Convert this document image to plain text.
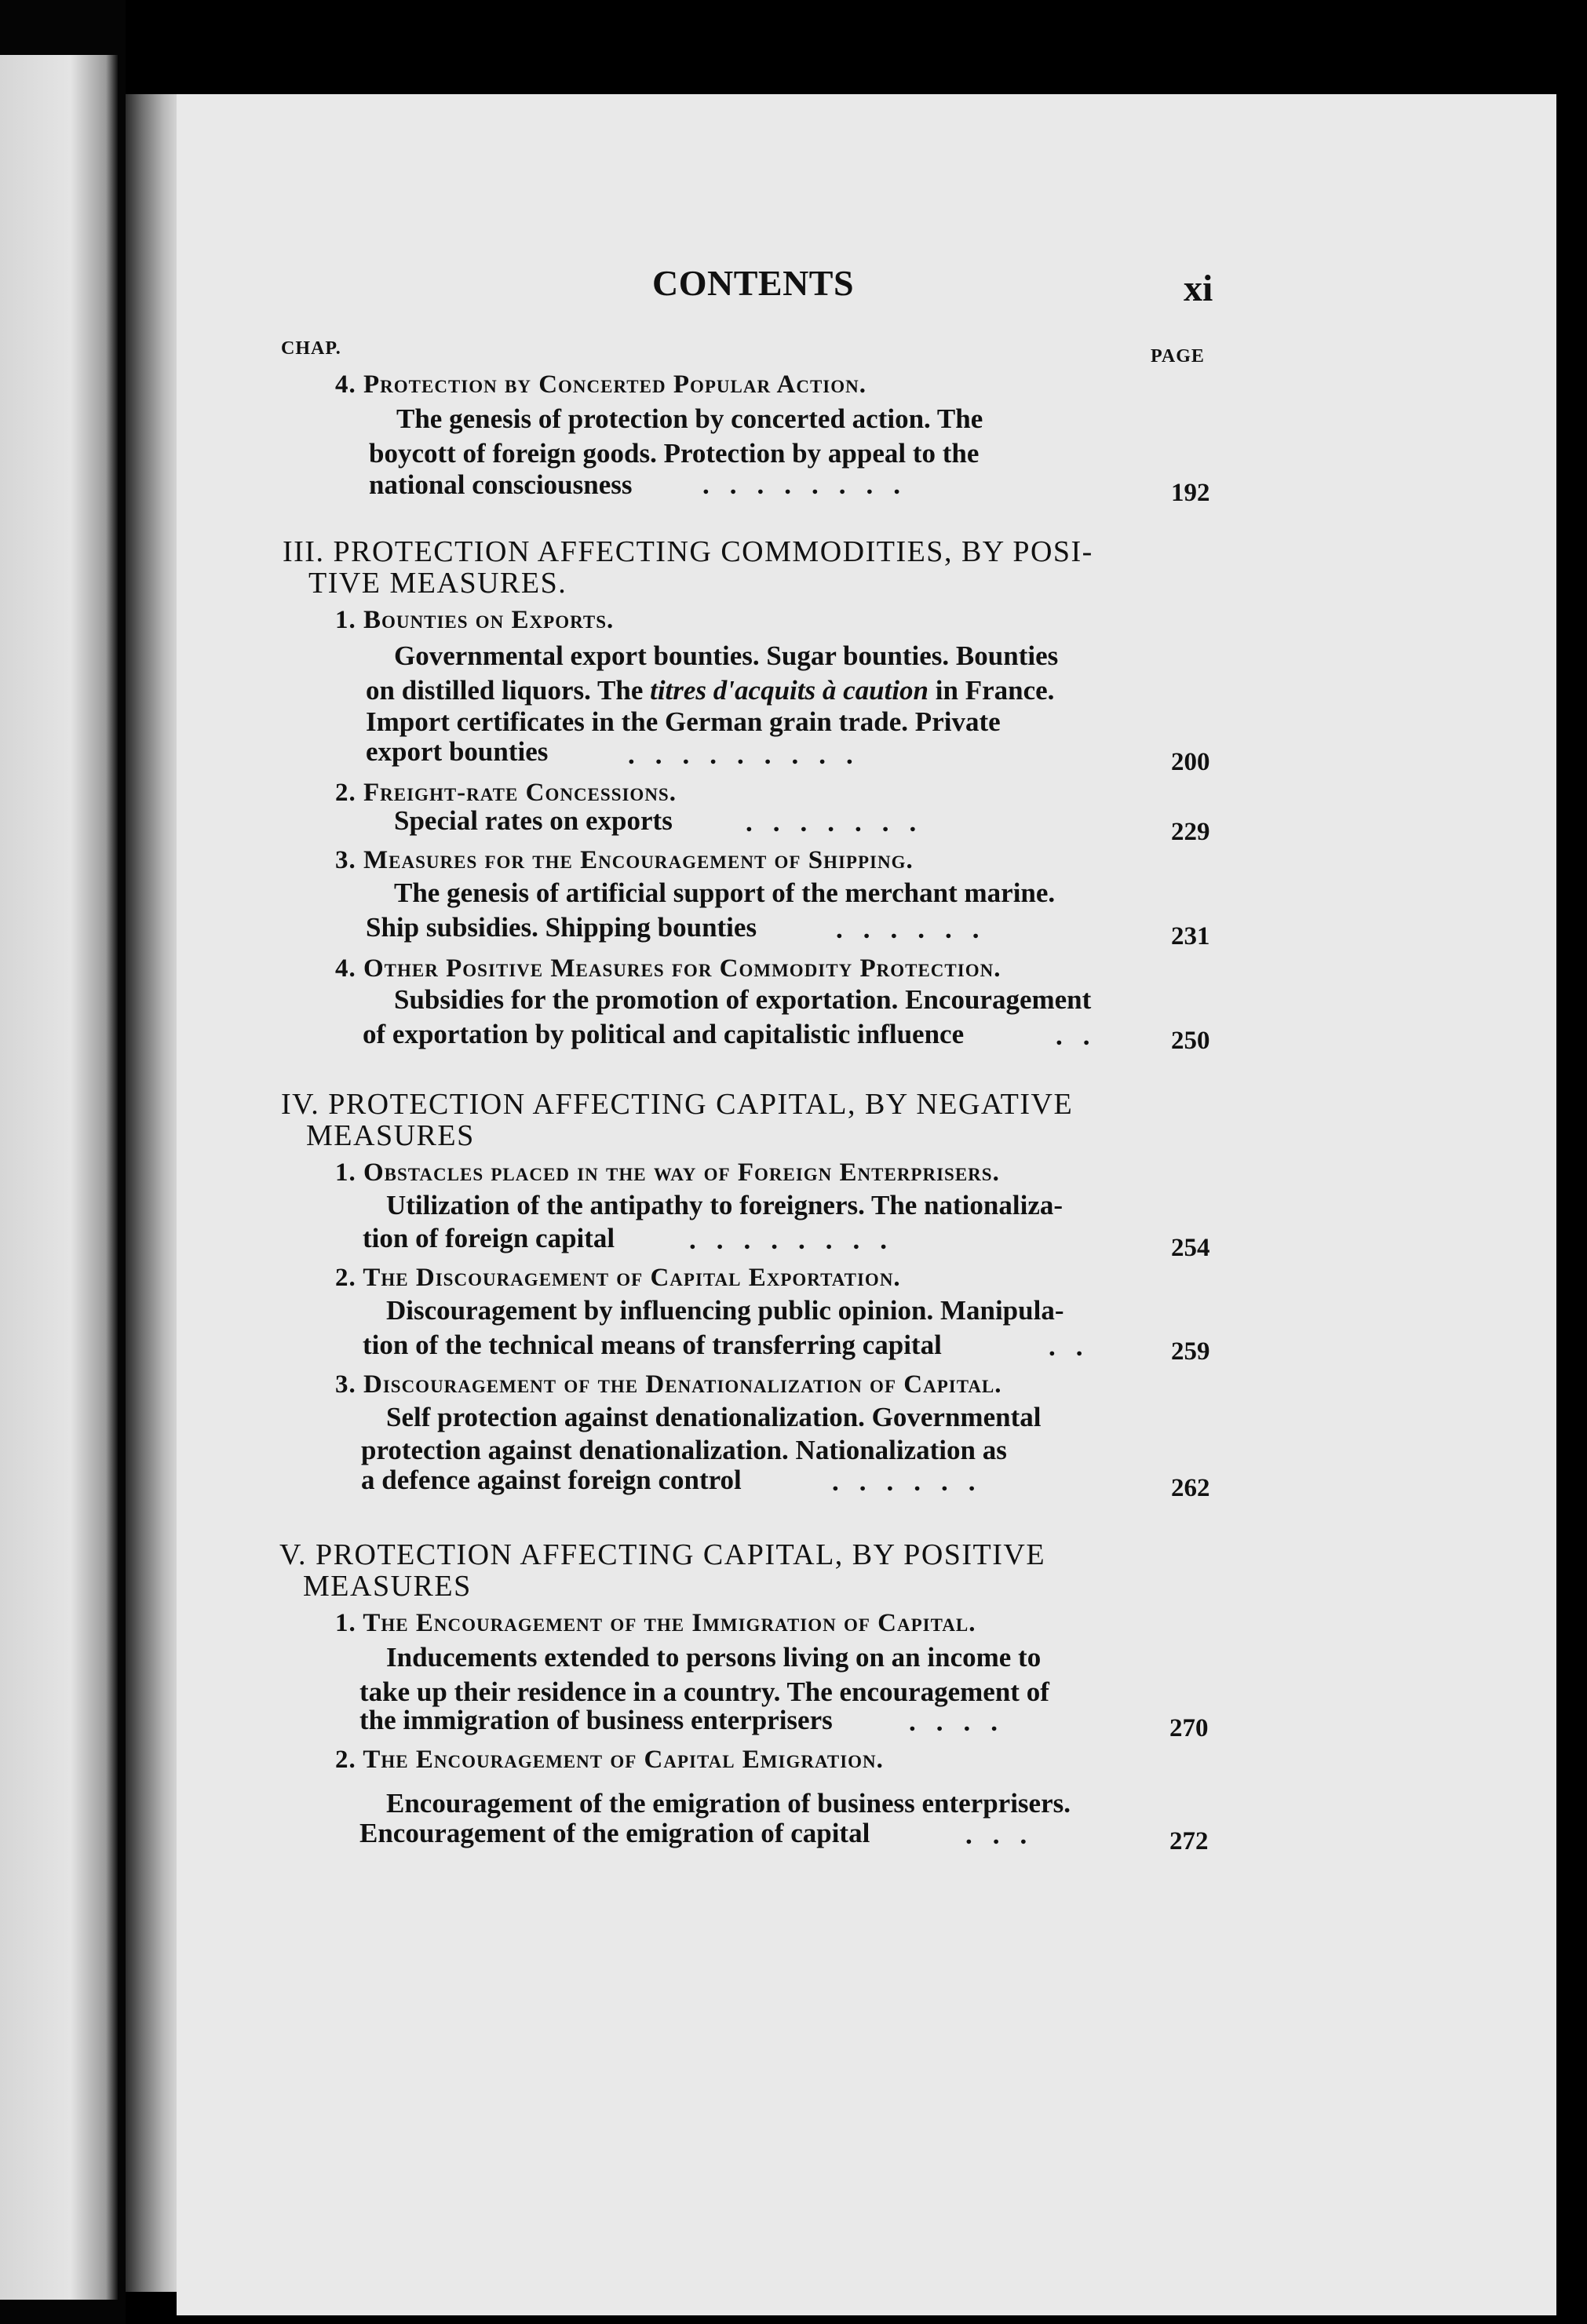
CONTENTS	xi
CHAP.	PAGE
4. Protection by Concerted Popular Action.
The genesis of protection by concerted action. The
boycott of foreign goods. Protection by appeal to the
national consciousness	........	192
III. PROTECTION AFFECTING COMMODITIES, BY POSI-
TIVE MEASURES.
1. Bounties on Exports.
Governmental export bounties. Sugar bounties. Bounties
on distilled liquors. The titres d'acquits à caution in France.
Import certificates in the German grain trade. Private
export bounties	.........	200
2. Freight-rate Concessions.
Special rates on exports	.......	229
3. Measures for the Encouragement of Shipping.
The genesis of artificial support of the merchant marine.
Ship subsidies. Shipping bounties	......	231
4. Other Positive Measures for Commodity Protection.
Subsidies for the promotion of exportation. Encouragement
of exportation by political and capitalistic influence	.. 250
IV. PROTECTION AFFECTING CAPITAL, BY NEGATIVE
MEASURES
1. Obstacles placed in the way of Foreign Enterprisers.
Utilization of the antipathy to foreigners. The nationaliza-
tion of foreign capital	........	254
2. The Discouragement of Capital Exportation.
Discouragement by influencing public opinion. Manipula-
tion of the technical means of transferring capital	..	259
3. Discouragement of the Denationalization of Capital.
Self protection against denationalization. Governmental
protection against denationalization. Nationalization as
a defence against foreign control	......	262
V. PROTECTION AFFECTING CAPITAL, BY POSITIVE
MEASURES
1. The Encouragement of the Immigration of Capital.
Inducements extended to persons living on an income to
take up their residence in a country. The encouragement of
the immigration of business enterprisers	....	270
2. The Encouragement of Capital Emigration.
Encouragement of the emigration of business enterprisers.
Encouragement of the emigration of capital	...	272
